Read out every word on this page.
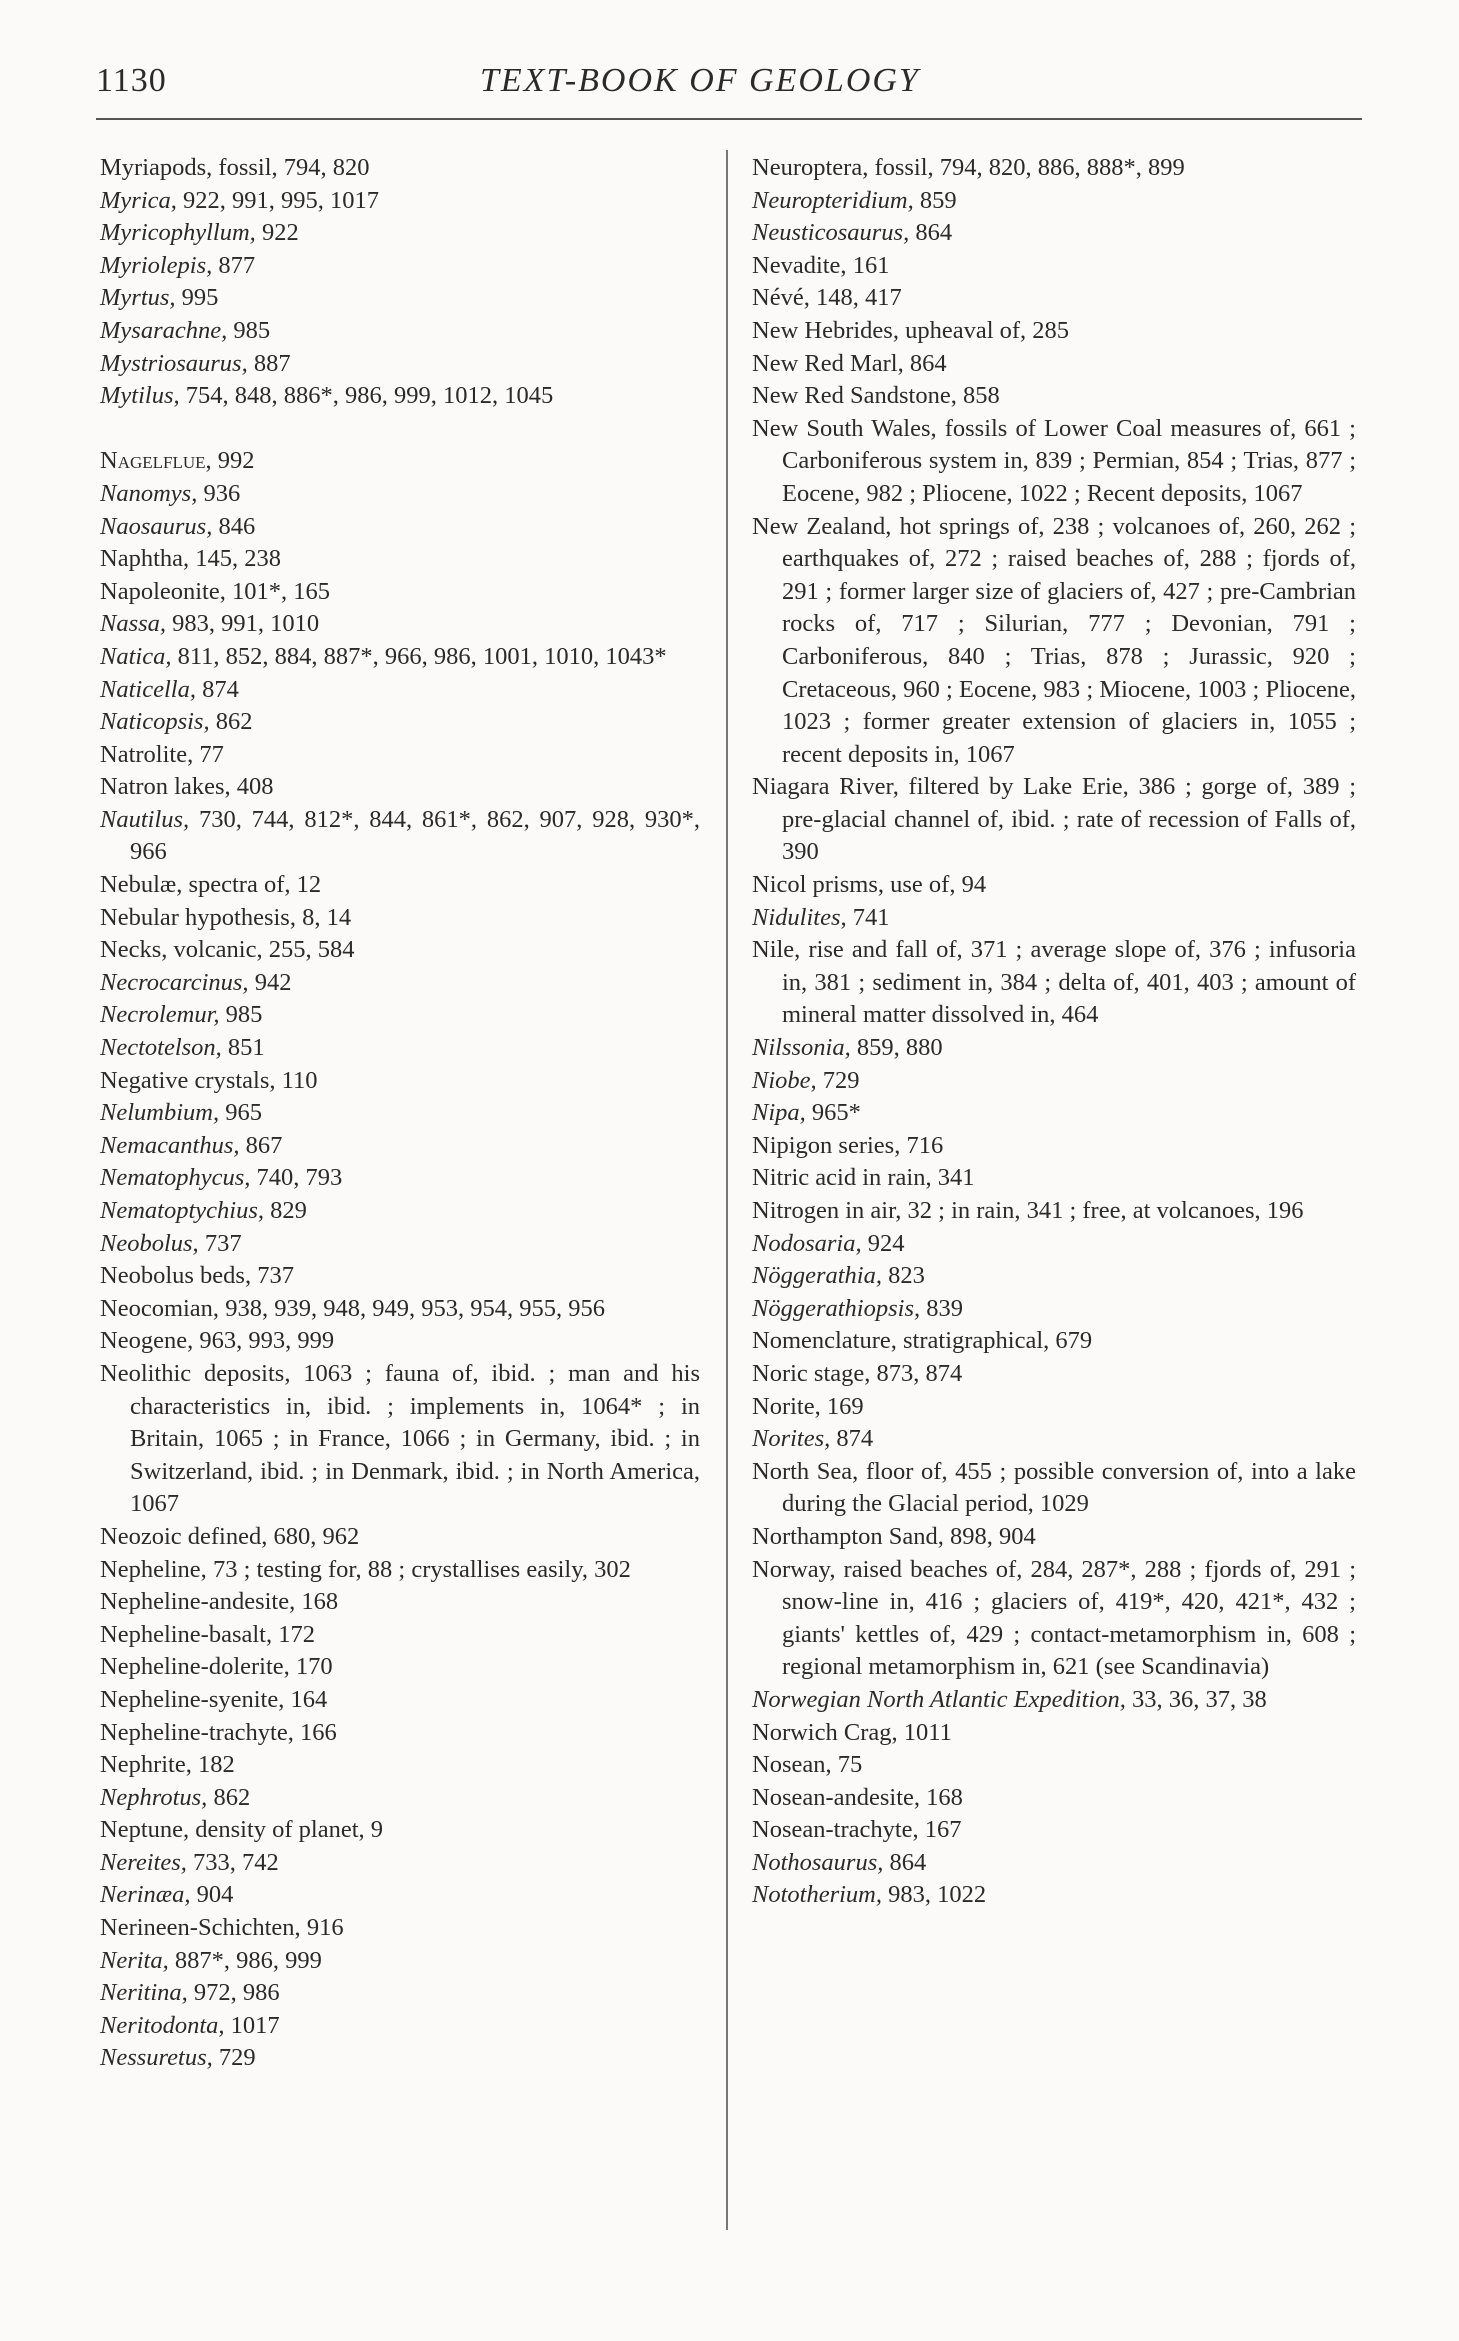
1130	TEXT-BOOK OF GEOLOGY
Myriapods, fossil, 794, 820
Myrica, 922, 991, 995, 1017
Myricophyllum, 922
Myriolepis, 877
Myrtus, 995
Mysarachne, 985
Mystriosaurus, 887
Mytilus, 754, 848, 886*, 986, 999, 1012, 1045
Nagelflue, 992
Nanomys, 936
Naosaurus, 846
Naphtha, 145, 238
Napoleonite, 101*, 165
Nassa, 983, 991, 1010
Natica, 811, 852, 884, 887*, 966, 986, 1001, 1010, 1043*
Naticella, 874
Naticopsis, 862
Natrolite, 77
Natron lakes, 408
Nautilus, 730, 744, 812*, 844, 861*, 862, 907, 928, 930*, 966
Nebulæ, spectra of, 12
Nebular hypothesis, 8, 14
Necks, volcanic, 255, 584
Necrocarcinus, 942
Necrolemur, 985
Nectotelson, 851
Negative crystals, 110
Nelumbium, 965
Nemacanthus, 867
Nematophycus, 740, 793
Nematoptychius, 829
Neobolus, 737
Neobolus beds, 737
Neocomian, 938, 939, 948, 949, 953, 954, 955, 956
Neogene, 963, 993, 999
Neolithic deposits, 1063 ; fauna of, ibid. ; man and his characteristics in, ibid. ; implements in, 1064* ; in Britain, 1065 ; in France, 1066 ; in Germany, ibid. ; in Switzerland, ibid. ; in Denmark, ibid. ; in North America, 1067
Neozoic defined, 680, 962
Nepheline, 73 ; testing for, 88 ; crystallises easily, 302
Nepheline-andesite, 168
Nepheline-basalt, 172
Nepheline-dolerite, 170
Nepheline-syenite, 164
Nepheline-trachyte, 166
Nephrite, 182
Nephrotus, 862
Neptune, density of planet, 9
Nereites, 733, 742
Nerinæa, 904
Nerineen-Schichten, 916
Nerita, 887*, 986, 999
Neritina, 972, 986
Neritodonta, 1017
Nessuretus, 729
Neuroptera, fossil, 794, 820, 886, 888*, 899
Neuropteridium, 859
Neusticosaurus, 864
Nevadite, 161
Névé, 148, 417
New Hebrides, upheaval of, 285
New Red Marl, 864
New Red Sandstone, 858
New South Wales, fossils of Lower Coal measures of, 661 ; Carboniferous system in, 839 ; Permian, 854 ; Trias, 877 ; Eocene, 982 ; Pliocene, 1022 ; Recent deposits, 1067
New Zealand, hot springs of, 238 ; volcanoes of, 260, 262 ; earthquakes of, 272 ; raised beaches of, 288 ; fjords of, 291 ; former larger size of glaciers of, 427 ; pre-Cambrian rocks of, 717 ; Silurian, 777 ; Devonian, 791 ; Carboniferous, 840 ; Trias, 878 ; Jurassic, 920 ; Cretaceous, 960 ; Eocene, 983 ; Miocene, 1003 ; Pliocene, 1023 ; former greater extension of glaciers in, 1055 ; recent deposits in, 1067
Niagara River, filtered by Lake Erie, 386 ; gorge of, 389 ; pre-glacial channel of, ibid. ; rate of recession of Falls of, 390
Nicol prisms, use of, 94
Nidulites, 741
Nile, rise and fall of, 371 ; average slope of, 376 ; infusoria in, 381 ; sediment in, 384 ; delta of, 401, 403 ; amount of mineral matter dissolved in, 464
Nilssonia, 859, 880
Niobe, 729
Nipa, 965*
Nipigon series, 716
Nitric acid in rain, 341
Nitrogen in air, 32 ; in rain, 341 ; free, at volcanoes, 196
Nodosaria, 924
Nöggerathia, 823
Nöggerathiopsis, 839
Nomenclature, stratigraphical, 679
Noric stage, 873, 874
Norite, 169
Norites, 874
North Sea, floor of, 455 ; possible conversion of, into a lake during the Glacial period, 1029
Northampton Sand, 898, 904
Norway, raised beaches of, 284, 287*, 288 ; fjords of, 291 ; snow-line in, 416 ; glaciers of, 419*, 420, 421*, 432 ; giants' kettles of, 429 ; contact-metamorphism in, 608 ; regional metamorphism in, 621 (see Scandinavia)
Norwegian North Atlantic Expedition, 33, 36, 37, 38
Norwich Crag, 1011
Nosean, 75
Nosean-andesite, 168
Nosean-trachyte, 167
Nothosaurus, 864
Nototherium, 983, 1022
